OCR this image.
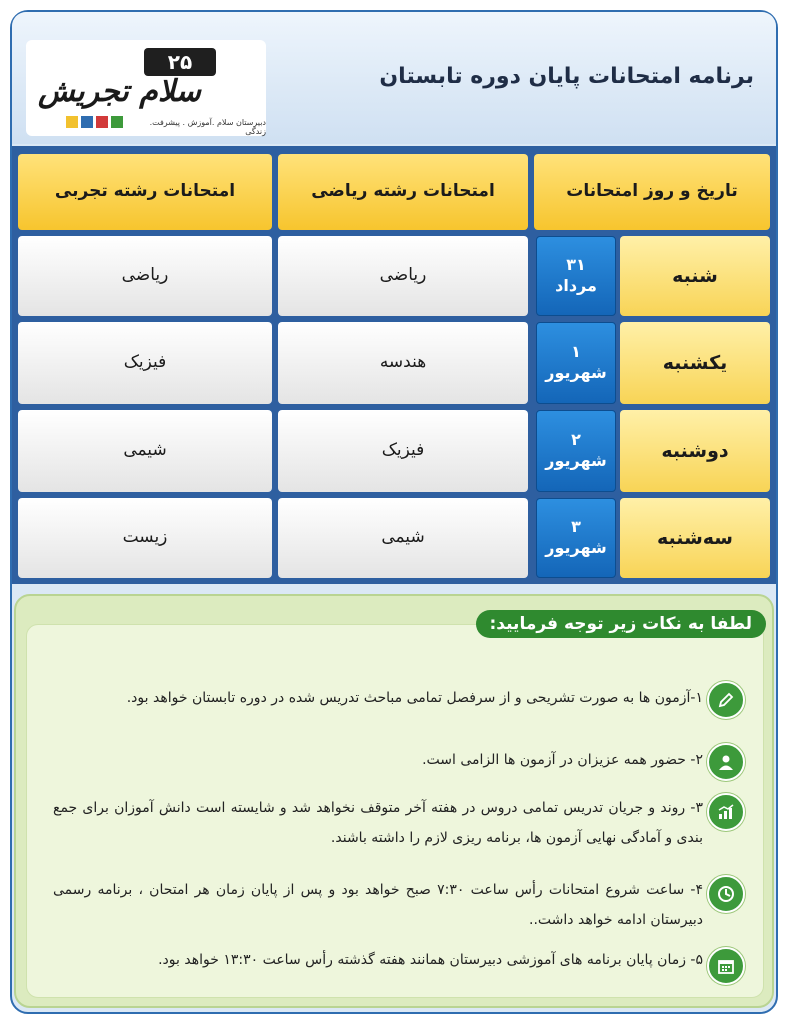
برنامه امتحانات پایان دوره تابستان
۲۵
سلام تجریش
دبیرستان سلام .آموزش . پیشرفت. زندگی
تاریخ و روز امتحانات
امتحانات رشته ریاضی
امتحانات رشته تجربی
شنبه
۳۱
مرداد
ریاضی
ریاضی
یکشنبه
۱
شهریور
هندسه
فیزیک
دوشنبه
۲
شهریور
فیزیک
شیمی
سه‌شنبه
۳
شهریور
شیمی
زیست
۱-آزمون ها به صورت تشریحی و از سرفصل تمامی مباحث تدریس شده در دوره تابستان خواهد بود.
۲- حضور همه عزیزان در آزمون ها الزامی است.
۳- روند و جریان تدریس تمامی دروس در هفته آخر متوقف نخواهد شد و شایسته است دانش آموزان برای جمع بندی و آمادگی نهایی آزمون ها، برنامه ریزی لازم را داشته باشند.
۴- ساعت شروع امتحانات رأس ساعت ۷:۳۰ صبح خواهد بود و پس از پایان زمان هر امتحان ، برنامه رسمی دبیرستان ادامه خواهد داشت..
۵- زمان پایان برنامه های آموزشی دبیرستان همانند هفته گذشته رأس ساعت ۱۳:۳۰ خواهد بود.
لطفا به نکات زیر توجه فرمایید:
